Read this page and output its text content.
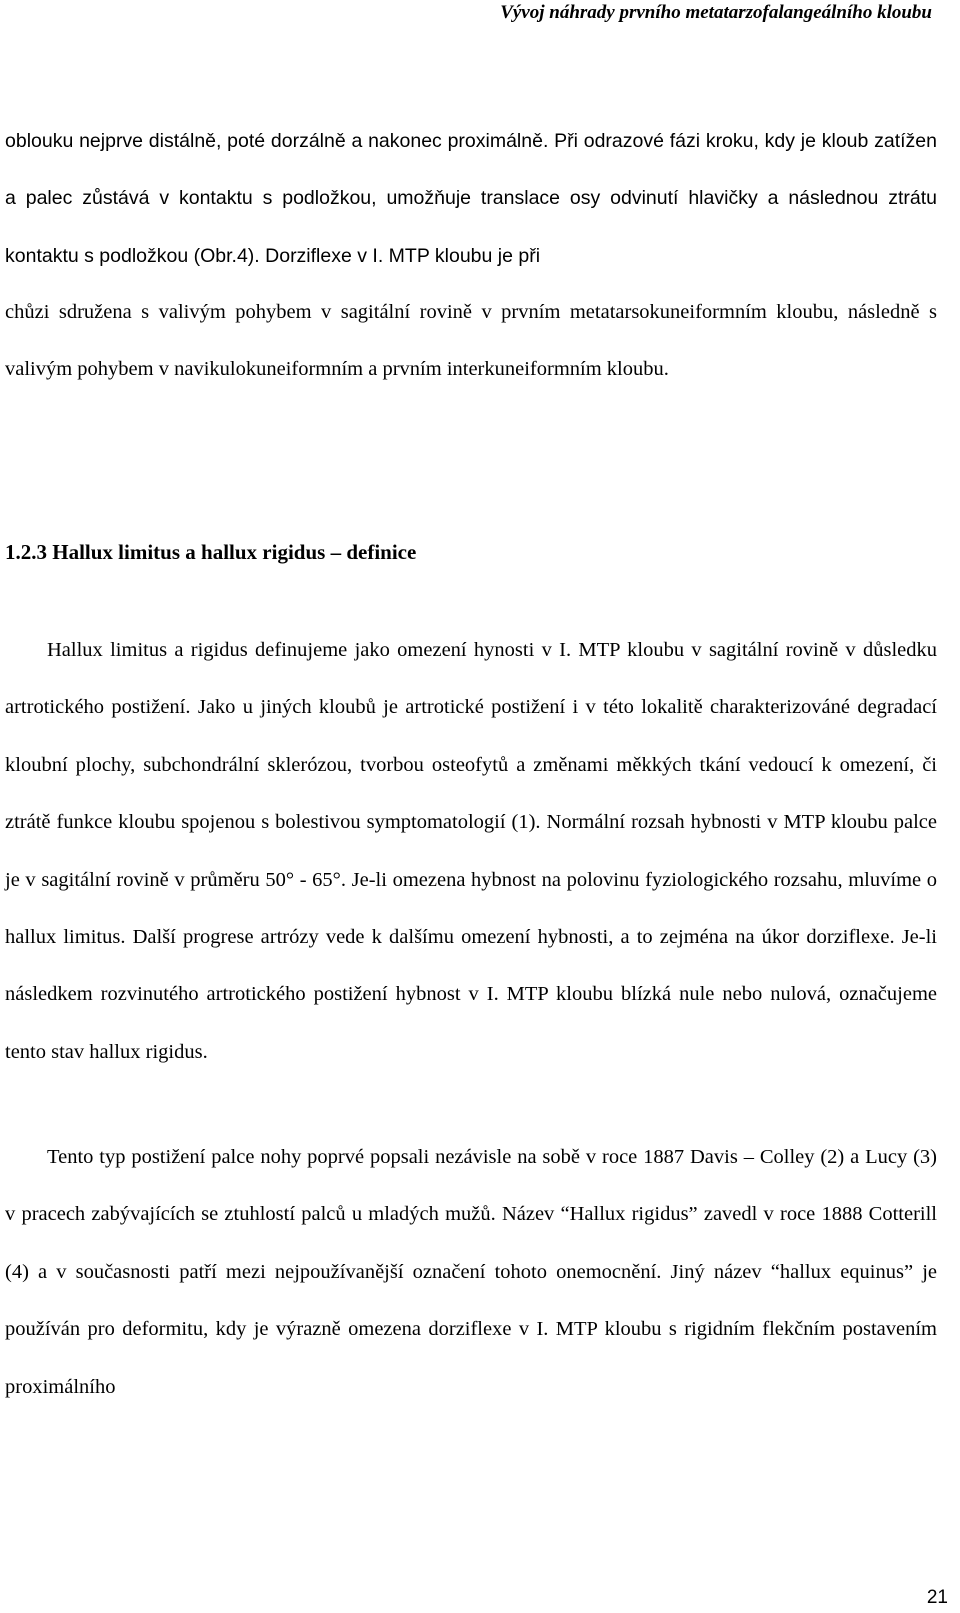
Vývoj náhrady prvního metatarzofalangeálního kloubu

oblouku nejprve distálně, poté dorzálně a nakonec proximálně. Při odrazové fázi kroku, kdy je kloub zatížen a palec zůstává v kontaktu s podložkou, umožňuje translace osy odvinutí hlavičky a následnou ztrátu kontaktu s podložkou (Obr.4). Dorziflexe v I. MTP kloubu je při

chůzi sdružena s valivým pohybem v sagitální rovině v prvním metatarsokuneiformním kloubu, následně s valivým pohybem v navikulokuneiformním a prvním interkuneiformním kloubu.

1.2.3 Hallux limitus a hallux rigidus – definice

Hallux limitus a rigidus definujeme jako omezení hynosti v I. MTP kloubu v sagitální rovině v důsledku artrotického postižení. Jako u jiných kloubů je artrotické postižení i v této lokalitě charakterizováné degradací kloubní plochy, subchondrální sklerózou, tvorbou osteofytů a změnami měkkých tkání vedoucí k omezení, či ztrátě funkce kloubu spojenou s bolestivou symptomatologií (1). Normální rozsah hybnosti v MTP kloubu palce je v sagitální rovině v průměru 50° - 65°. Je-li omezena hybnost na polovinu fyziologického rozsahu, mluvíme o hallux limitus. Další progrese artrózy vede k dalšímu omezení hybnosti, a to zejména na úkor dorziflexe. Je-li následkem rozvinutého artrotického postižení hybnost v I. MTP kloubu blízká nule nebo nulová, označujeme tento stav hallux rigidus.

Tento typ postižení palce nohy poprvé popsali nezávisle na sobě v roce 1887 Davis – Colley (2) a Lucy (3) v pracech zabývajících se ztuhlostí palců u mladých mužů. Název “Hallux rigidus” zavedl v roce 1888 Cotterill (4) a v současnosti patří mezi nejpoužívanější označení tohoto onemocnění. Jiný název “hallux equinus” je používán pro deformitu, kdy je výrazně omezena dorziflexe v I. MTP kloubu s rigidním flekčním postavením proximálního

21
